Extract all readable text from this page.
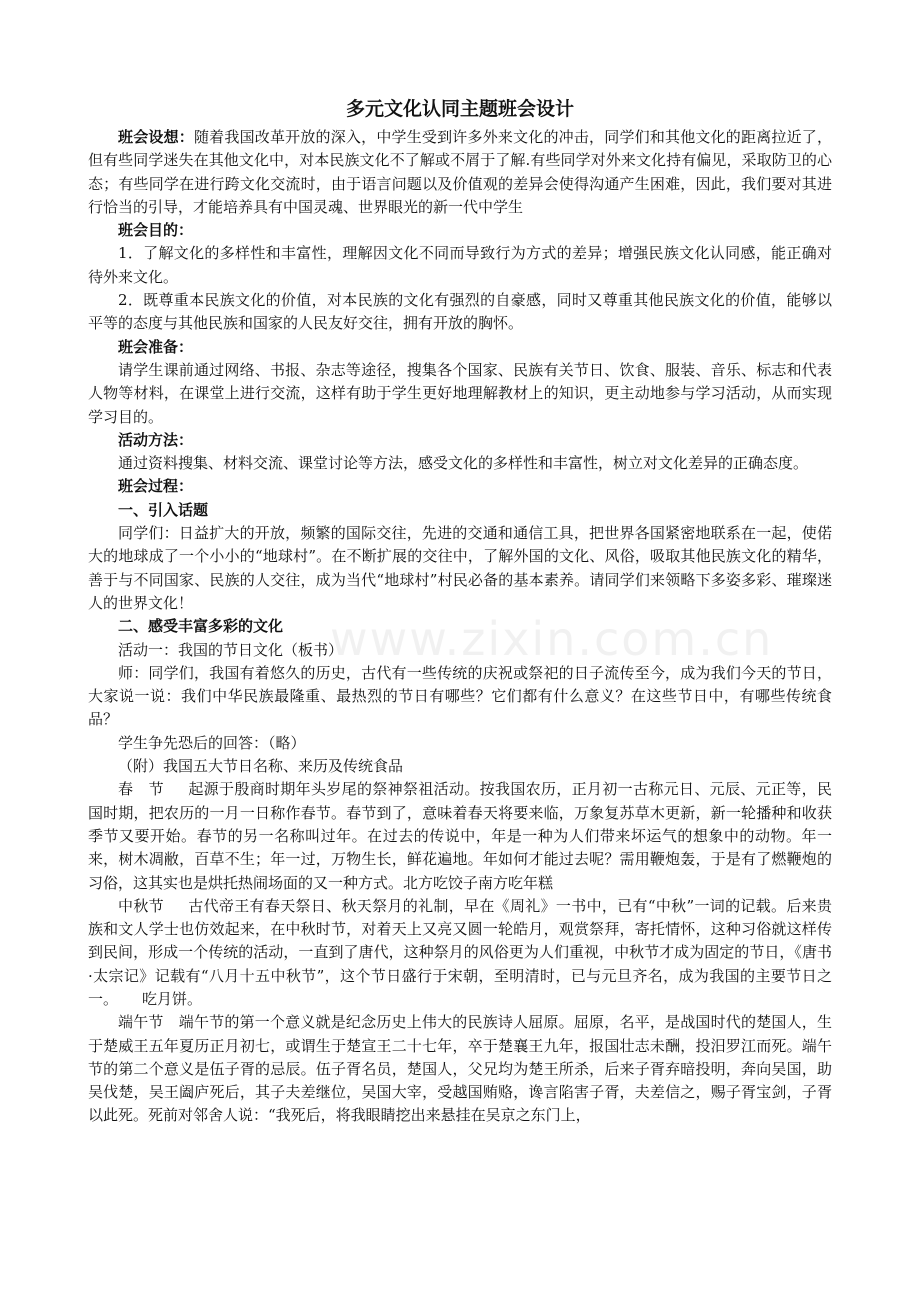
www.zixin.com.cn
多元文化认同主题班会设计

班会设想：随着我国改革开放的深入，中学生受到许多外来文化的冲击，同学们和其他文化的距离拉近了，但有些同学迷失在其他文化中，对本民族文化不了解或不屑于了解.有些同学对外来文化持有偏见，采取防卫的心态；有些同学在进行跨文化交流时，由于语言问题以及价值观的差异会使得沟通产生困难，因此，我们要对其进行恰当的引导，才能培养具有中国灵魂、世界眼光的新一代中学生

班会目的：

1．了解文化的多样性和丰富性，理解因文化不同而导致行为方式的差异；增强民族文化认同感，能正确对待外来文化。

2．既尊重本民族文化的价值，对本民族的文化有强烈的自豪感，同时又尊重其他民族文化的价值，能够以平等的态度与其他民族和国家的人民友好交往，拥有开放的胸怀。

班会准备：

请学生课前通过网络、书报、杂志等途径，搜集各个国家、民族有关节日、饮食、服装、音乐、标志和代表人物等材料，在课堂上进行交流，这样有助于学生更好地理解教材上的知识，更主动地参与学习活动，从而实现学习目的。

活动方法：

通过资料搜集、材料交流、课堂讨论等方法，感受文化的多样性和丰富性，树立对文化差异的正确态度。

班会过程：

一、引入话题

同学们：日益扩大的开放，频繁的国际交往，先进的交通和通信工具，把世界各国紧密地联系在一起，使偌大的地球成了一个小小的“地球村”。在不断扩展的交往中，了解外国的文化、风俗，吸取其他民族文化的精华，善于与不同国家、民族的人交往，成为当代“地球村”村民必备的基本素养。请同学们来领略下多姿多彩、璀璨迷人的世界文化！

二、感受丰富多彩的文化

活动一：我国的节日文化（板书）

师：同学们，我国有着悠久的历史，古代有一些传统的庆祝或祭祀的日子流传至今，成为我们今天的节日，大家说一说：我们中华民族最隆重、最热烈的节日有哪些？它们都有什么意义？在这些节日中，有哪些传统食品？

学生争先恐后的回答：（略）

（附）我国五大节日名称、来历及传统食品

春　节 起源于殷商时期年头岁尾的祭神祭祖活动。按我国农历，正月初一古称元日、元辰、元正等，民国时期，把农历的一月一日称作春节。春节到了，意味着春天将要来临，万象复苏草木更新，新一轮播种和收获季节又要开始。春节的另一名称叫过年。在过去的传说中，年是一种为人们带来坏运气的想象中的动物。年一来，树木凋敝，百草不生；年一过，万物生长，鲜花遍地。年如何才能过去呢？需用鞭炮轰，于是有了燃鞭炮的习俗，这其实也是烘托热闹场面的又一种方式。北方吃饺子南方吃年糕

中秋节 古代帝王有春天祭日、秋天祭月的礼制，早在《周礼》一书中，已有“中秋”一词的记载。后来贵族和文人学士也仿效起来，在中秋时节，对着天上又亮又圆一轮皓月，观赏祭拜，寄托情怀，这种习俗就这样传到民间，形成一个传统的活动，一直到了唐代，这种祭月的风俗更为人们重视，中秋节才成为固定的节日，《唐书·太宗记》记载有“八月十五中秋节”，这个节日盛行于宋朝，至明清时，已与元旦齐名，成为我国的主要节日之一。 吃月饼。

端午节 端午节的第一个意义就是纪念历史上伟大的民族诗人屈原。屈原，名平，是战国时代的楚国人，生于楚威王五年夏历正月初七，或谓生于楚宣王二十七年，卒于楚襄王九年，报国壮志未酬，投汨罗江而死。端午节的第二个意义是伍子胥的忌辰。伍子胥名员，楚国人，父兄均为楚王所杀，后来子胥弃暗投明，奔向吴国，助吴伐楚，吴王阖庐死后，其子夫差继位，吴国大宰，受越国贿赂，谗言陷害子胥，夫差信之，赐子胥宝剑，子胥以此死。死前对邻舍人说：“我死后，将我眼睛挖出来悬挂在吴京之东门上，
